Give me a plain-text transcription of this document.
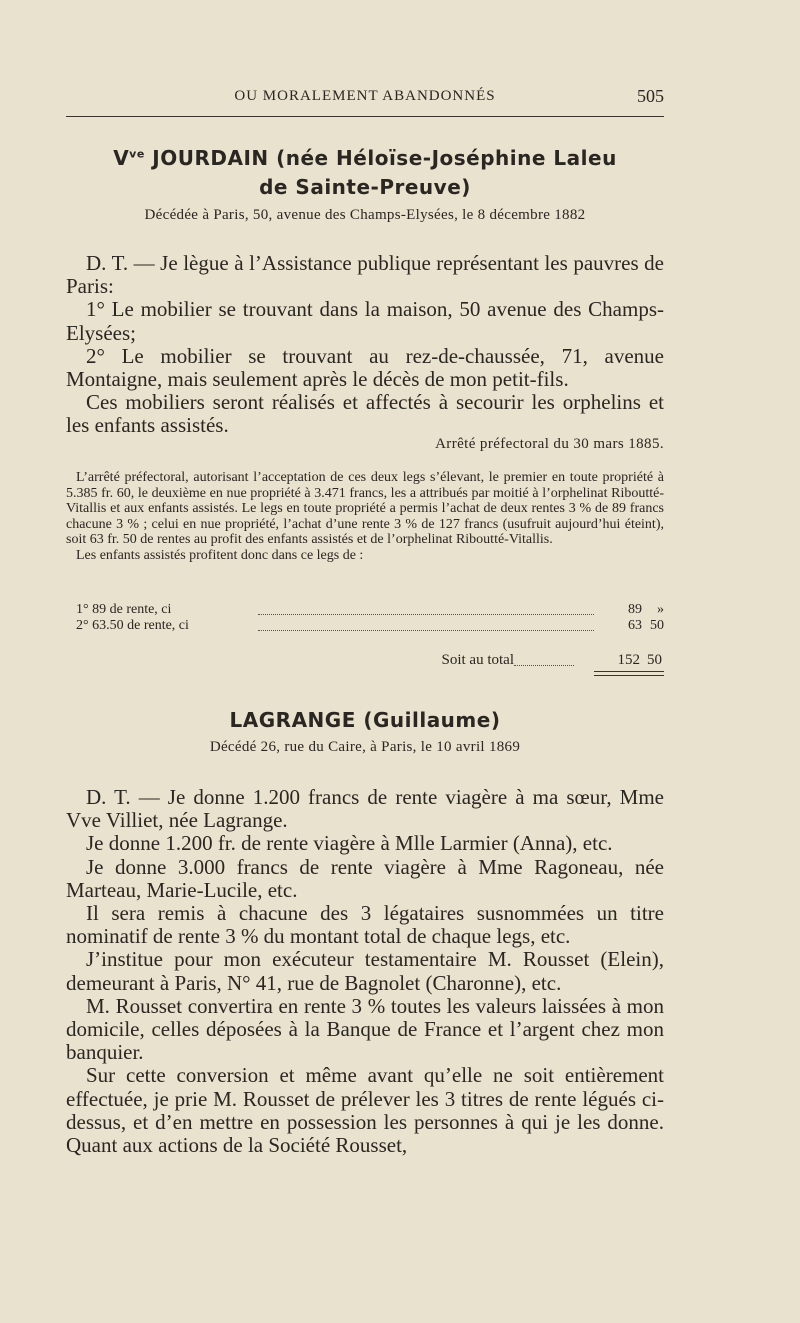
OU MORALEMENT ABANDONNÉS	505
$V^{ve}$ JOURDAIN (née Héloïse-Joséphine Laleu
de Sainte-Preuve)
Décédée à Paris, 50, avenue des Champs-Elysées, le 8 décembre 1882

D. T. — Je lègue à l’Assistance publique représentant les pauvres de Paris:

1° Le mobilier se trouvant dans la maison, 50 avenue des Champs-Elysées;

2° Le mobilier se trouvant au rez-de-chaussée, 71, avenue Montaigne, mais seulement après le décès de mon petit-fils.

Ces mobiliers seront réalisés et affectés à secourir les orphelins et les enfants assistés.

Arrêté préfectoral du 30 mars 1885.

L’arrêté préfectoral, autorisant l’acceptation de ces deux legs s’élevant, le premier en toute propriété à 5.385 fr. 60, le deuxième en nue propriété à 3.471 francs, les a attribués par moitié à l’orphelinat Riboutté-Vitallis et aux enfants assistés. Le legs en toute propriété a permis l’achat de deux rentes 3 % de 89 francs chacune 3 % ; celui en nue propriété, l’achat d’une rente 3 % de 127 francs (usufruit aujourd’hui éteint), soit 63 fr. 50 de rentes au profit des enfants assistés et de l’orphelinat Riboutté-Vitallis.

Les enfants assistés profitent donc dans ce legs de :

1° 89 de rente, ci	89	»
2° 63.50 de rente, ci	63 50
Soit au total	152 50
LAGRANGE (Guillaume)
Décédé 26, rue du Caire, à Paris, le 10 avril 1869

D. T. — Je donne 1.200 francs de rente viagère à ma sœur, Mme Vve Villiet, née Lagrange.

Je donne 1.200 fr. de rente viagère à Mlle Larmier (Anna), etc.

Je donne 3.000 francs de rente viagère à Mme Ragoneau, née Marteau, Marie-Lucile, etc.

Il sera remis à chacune des 3 légataires susnommées un titre nominatif de rente 3 % du montant total de chaque legs, etc.

J’institue pour mon exécuteur testamentaire M. Rousset (Elein), demeurant à Paris, N° 41, rue de Bagnolet (Charonne), etc.

M. Rousset convertira en rente 3 % toutes les valeurs laissées à mon domicile, celles déposées à la Banque de France et l’argent chez mon banquier.

Sur cette conversion et même avant qu’elle ne soit entièrement effectuée, je prie M. Rousset de prélever les 3 titres de rente légués ci-dessus, et d’en mettre en possession les personnes à qui je les donne. Quant aux actions de la Société Rousset,
